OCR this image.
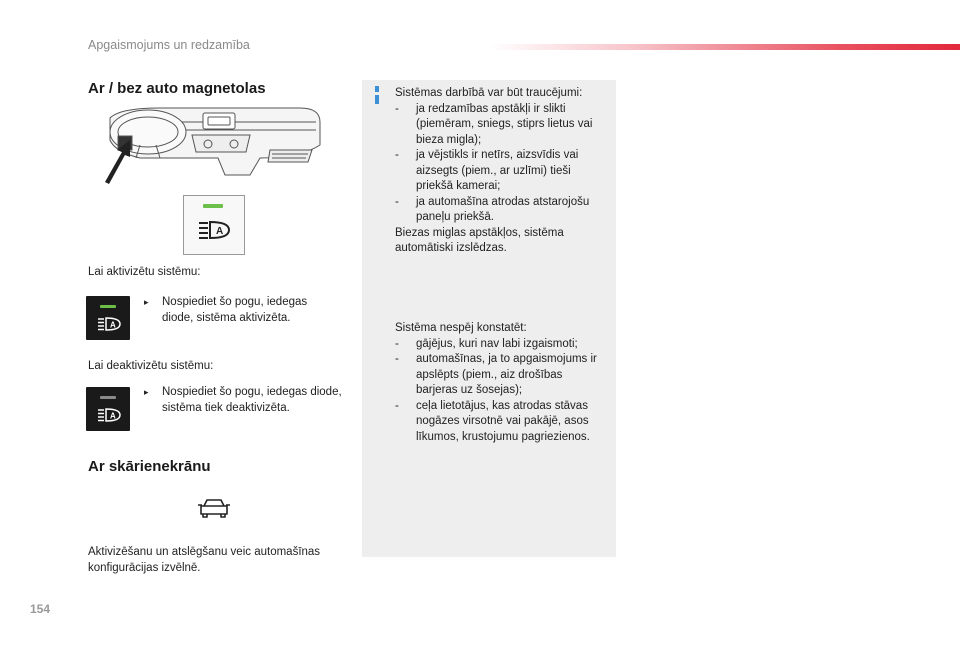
Apgaismojums un redzamība
Ar / bez auto magnetolas
A
Lai aktivizētu sistēmu:
A
▸	Nospiediet šo pogu, iedegas diode, sistēma aktivizēta.
Lai deaktivizētu sistēmu:
A
▸	Nospiediet šo pogu, iedegas diode, sistēma tiek deaktivizēta.
Ar skārienekrānu
Aktivizēšanu un atslēgšanu veic automašīnas konfigurācijas izvēlnē.
Sistēmas darbībā var būt traucējumi:
- ja redzamības apstākļi ir slikti (piemēram, sniegs, stiprs lietus vai bieza migla);
- ja vējstikls ir netīrs, aizsvīdis vai aizsegts (piem., ar uzlīmi) tieši priekšā kamerai;
- ja automašīna atrodas atstarojošu paneļu priekšā.
Biezas miglas apstākļos, sistēma automātiski izslēdzas.
Sistēma nespēj konstatēt:
- gājējus, kuri nav labi izgaismoti;
- automašīnas, ja to apgaismojums ir apslēpts (piem., aiz drošības barjeras uz šosejas);
- ceļa lietotājus, kas atrodas stāvas nogāzes virsotnē vai pakājē, asos līkumos, krustojumu pagriezienos.
154
